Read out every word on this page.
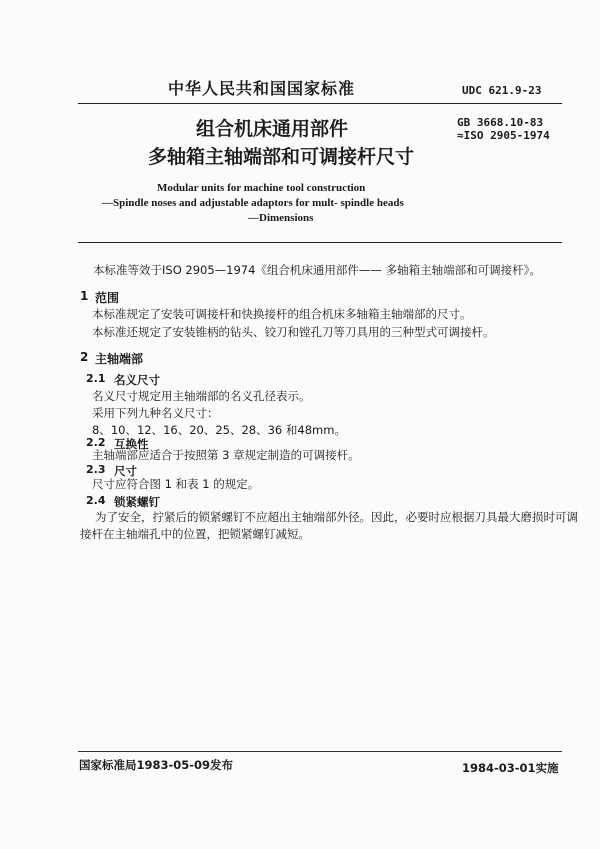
中华人民共和国国家标准	UDC 621.9-23
组合机床通用部件
多轴箱主轴端部和可调接杆尺寸
GB 3668.10-83
≈ISO 2905-1974
Modular units for machine tool construction
—Spindle noses and adjustable adaptors for mult- spindle heads
—Dimensions
本标准等效于ISO 2905—1974《组合机床通用部件—— 多轴箱主轴端部和可调接杆》。
1 范围
本标准规定了安装可调接杆和快换接杆的组合机床多轴箱主轴端部的尺寸。
本标准还规定了安装锥柄的钻头、铰刀和镗孔刀等刀具用的三种型式可调接杆。
2 主轴端部
2.1 名义尺寸
名义尺寸规定用主轴端部的名义孔径表示。
采用下列九种名义尺寸：
8、10、12、16、20、25、28、36 和48mm。
2.2 互换性
主轴端部应适合于按照第 3 章规定制造的可调接杆。
2.3 尺寸
尺寸应符合图 1 和表 1 的规定。
2.4 锁紧螺钉
为了安全，拧紧后的锁紧螺钉不应超出主轴端部外径。因此，必要时应根据刀具最大磨损时可调
接杆在主轴端孔中的位置，把锁紧螺钉减短。
国家标准局1983-05-09发布	1984-03-01实施
